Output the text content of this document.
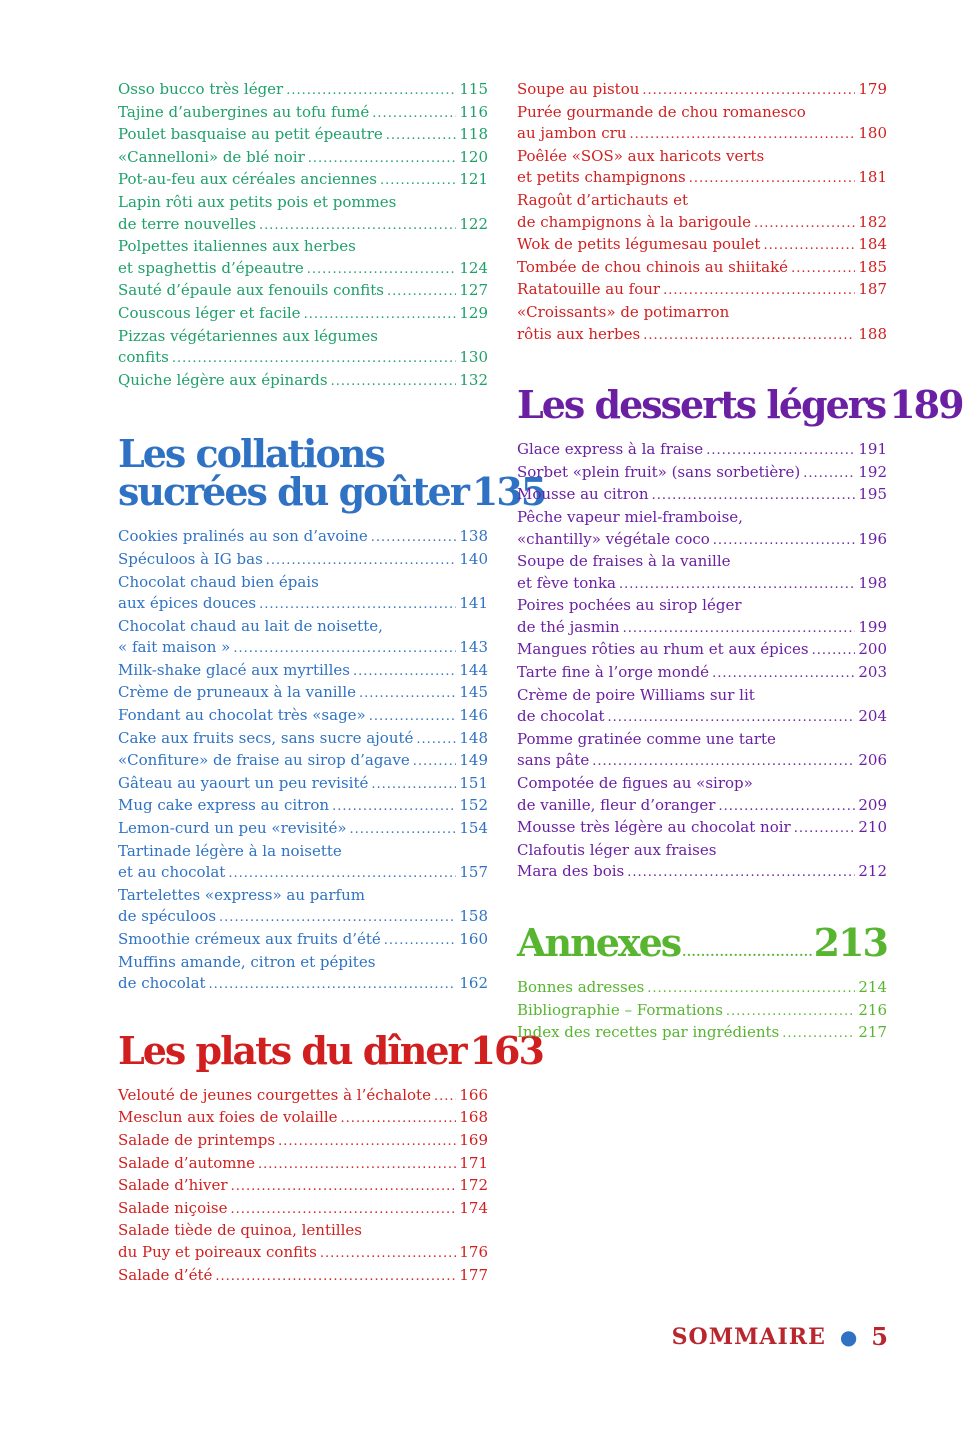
Osso bucco très léger .....	115
Tajine d’aubergines au tofu fumé .....	116
Poulet basquaise au petit épeautre .....	118
«Cannelloni» de blé noir .....	120
Pot-au-feu aux céréales anciennes .....	121
Lapin rôti aux petits pois et pommes
de terre nouvelles .....	122
Polpettes italiennes aux herbes
et spaghettis d’épeautre .....	124
Sauté d’épaule aux fenouils confits .....	127
Couscous léger et facile .....	129
Pizzas végétariennes aux légumes
confits .....	130
Quiche légère aux épinards .....	132
Les collations
sucrées du goûter 135
Cookies pralinés au son d’avoine .....	138
Spéculoos à IG bas .....	140
Chocolat chaud bien épais
aux épices douces .....	141
Chocolat chaud au lait de noisette,
« fait maison » .....	143
Milk-shake glacé aux myrtilles .....	144
Crème de pruneaux à la vanille .....	145
Fondant au chocolat très «sage» .....	146
Cake aux fruits secs, sans sucre ajouté .....	148
«Confiture» de fraise au sirop d’agave .....	149
Gâteau au yaourt un peu revisité .....	151
Mug cake express au citron .....	152
Lemon-curd un peu «revisité» .....	154
Tartinade légère à la noisette
et au chocolat .....	157
Tartelettes «express» au parfum
de spéculoos .....	158
Smoothie crémeux aux fruits d’été .....	160
Muffins amande, citron et pépites
de chocolat .....	162
Les plats du dîner 163
Velouté de jeunes courgettes à l’échalote ..... 166
Mesclun aux foies de volaille .....	168
Salade de printemps .....	169
Salade d’automne .....	171
Salade d’hiver .....	172
Salade niçoise .....	174
Salade tiède de quinoa, lentilles
du Puy et poireaux confits .....	176
Salade d’été .....	177
Soupe au pistou .....	179
Purée gourmande de chou romanesco
au jambon cru .....	180
Poêlée «SOS» aux haricots verts
et petits champignons .....	181
Ragoût d’artichauts et
de champignons à la barigoule .....	182
Wok de petits légumesau poulet .....	184
Tombée de chou chinois au shiitaké .....	185
Ratatouille au four .....	187
«Croissants» de potimarron
rôtis aux herbes .....	188
Les desserts légers 189
Glace express à la fraise .....	191
Sorbet «plein fruit» (sans sorbetière) .....	192
Mousse au citron .....	195
Pêche vapeur miel-framboise,
«chantilly» végétale coco .....	196
Soupe de fraises à la vanille
et fève tonka .....	198
Poires pochées au sirop léger
de thé jasmin .....	199
Mangues rôties au rhum et aux épices .....	200
Tarte fine à l’orge mondé .....	203
Crème de poire Williams sur lit
de chocolat .....	204
Pomme gratinée comme une tarte
sans pâte .....	206
Compotée de figues au «sirop»
de vanille, fleur d’oranger .....	209
Mousse très légère au chocolat noir .....	210
Clafoutis léger aux fraises
Mara des bois .....	212
Annexes .....	213
Bonnes adresses .....	214
Bibliographie – Formations .....	216
Index des recettes par ingrédients .....	217
SOMMAIRE ● 5
